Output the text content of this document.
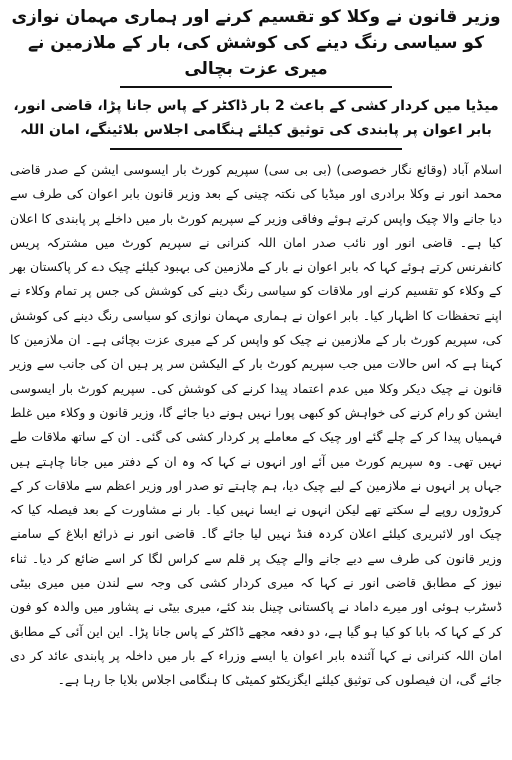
وزیر قانون نے وکلا کو تقسیم کرنے اور ہماری مہمان نوازی کو سیاسی رنگ دینے کی کوشش کی، بار کے ملازمین نے میری عزت بچالی
میڈیا میں کردار کشی کے باعث 2 بار ڈاکٹر کے پاس جانا پڑا، قاضی انور، بابر اعوان پر پابندی کی توثیق کیلئے ہنگامی اجلاس بلائینگے، امان اللہ

اسلام آباد (وقائع نگار خصوصی) (بی بی سی) سپریم کورٹ بار ایسوسی ایشن کے صدر قاضی محمد انور نے وکلا برادری اور میڈیا کی نکتہ چینی کے بعد وزیر قانون بابر اعوان کی طرف سے دیا جانے والا چیک واپس کرتے ہوئے وفاقی وزیر کے سپریم کورٹ بار میں داخلے پر پابندی کا اعلان کیا ہے۔ قاضی انور اور نائب صدر امان اللہ کنرانی نے سپریم کورٹ میں مشترکہ پریس کانفرنس کرتے ہوئے کہا کہ بابر اعوان نے بار کے ملازمین کی بہبود کیلئے چیک دے کر پاکستان بھر کے وکلاء کو تقسیم کرنے اور ملاقات کو سیاسی رنگ دینے کی کوشش کی جس پر تمام وکلاء نے اپنے تحفظات کا اظہار کیا۔ بابر اعوان نے ہماری مہمان نوازی کو سیاسی رنگ دینے کی کوشش کی، سپریم کورٹ بار کے ملازمین نے چیک کو واپس کر کے میری عزت بچائی ہے۔ ان ملازمین کا کہنا ہے کہ اس حالات میں جب سپریم کورٹ بار کے الیکشن سر پر ہیں ان کی جانب سے وزیر قانون نے چیک دیکر وکلا میں عدم اعتماد پیدا کرنے کی کوشش کی۔ سپریم کورٹ بار ایسوسی ایشن کو رام کرنے کی خواہش کو کبھی پورا نہیں ہونے دیا جائے گا، وزیر قانون و وکلاء میں غلط فہمیاں پیدا کر کے چلے گئے اور چیک کے معاملے پر کردار کشی کی گئی۔ ان کے ساتھ ملاقات طے نہیں تھی۔ وہ سپریم کورٹ میں آئے اور انہوں نے کہا کہ وہ ان کے دفتر میں جانا چاہتے ہیں جہاں پر انہوں نے ملازمین کے لیے چیک دیا، ہم چاہتے تو صدر اور وزیر اعظم سے ملاقات کر کے کروڑوں روپے لے سکتے تھے لیکن انہوں نے ایسا نہیں کیا۔ بار نے مشاورت کے بعد فیصلہ کیا کہ چیک اور لائبریری کیلئے اعلان کردہ فنڈ نہیں لیا جائے گا۔ قاضی انور نے ذرائع ابلاغ کے سامنے وزیر قانون کی طرف سے دیے جانے والے چیک پر قلم سے کراس لگا کر اسے ضائع کر دیا۔ ثناء نیوز کے مطابق قاضی انور نے کہا کہ میری کردار کشی کی وجہ سے لندن میں میری بیٹی ڈسٹرب ہوئی اور میرے داماد نے پاکستانی چینل بند کئے، میری بیٹی نے پشاور میں والدہ کو فون کر کے کہا کہ بابا کو کیا ہو گیا ہے، دو دفعہ مجھے ڈاکٹر کے پاس جانا پڑا۔ این این آئی کے مطابق امان اللہ کنرانی نے کہا آئندہ بابر اعوان یا ایسے وزراء کے بار میں داخلہ پر پابندی عائد کر دی جائے گی، ان فیصلوں کی توثیق کیلئے ایگزیکٹو کمیٹی کا ہنگامی اجلاس بلایا جا رہا ہے۔
